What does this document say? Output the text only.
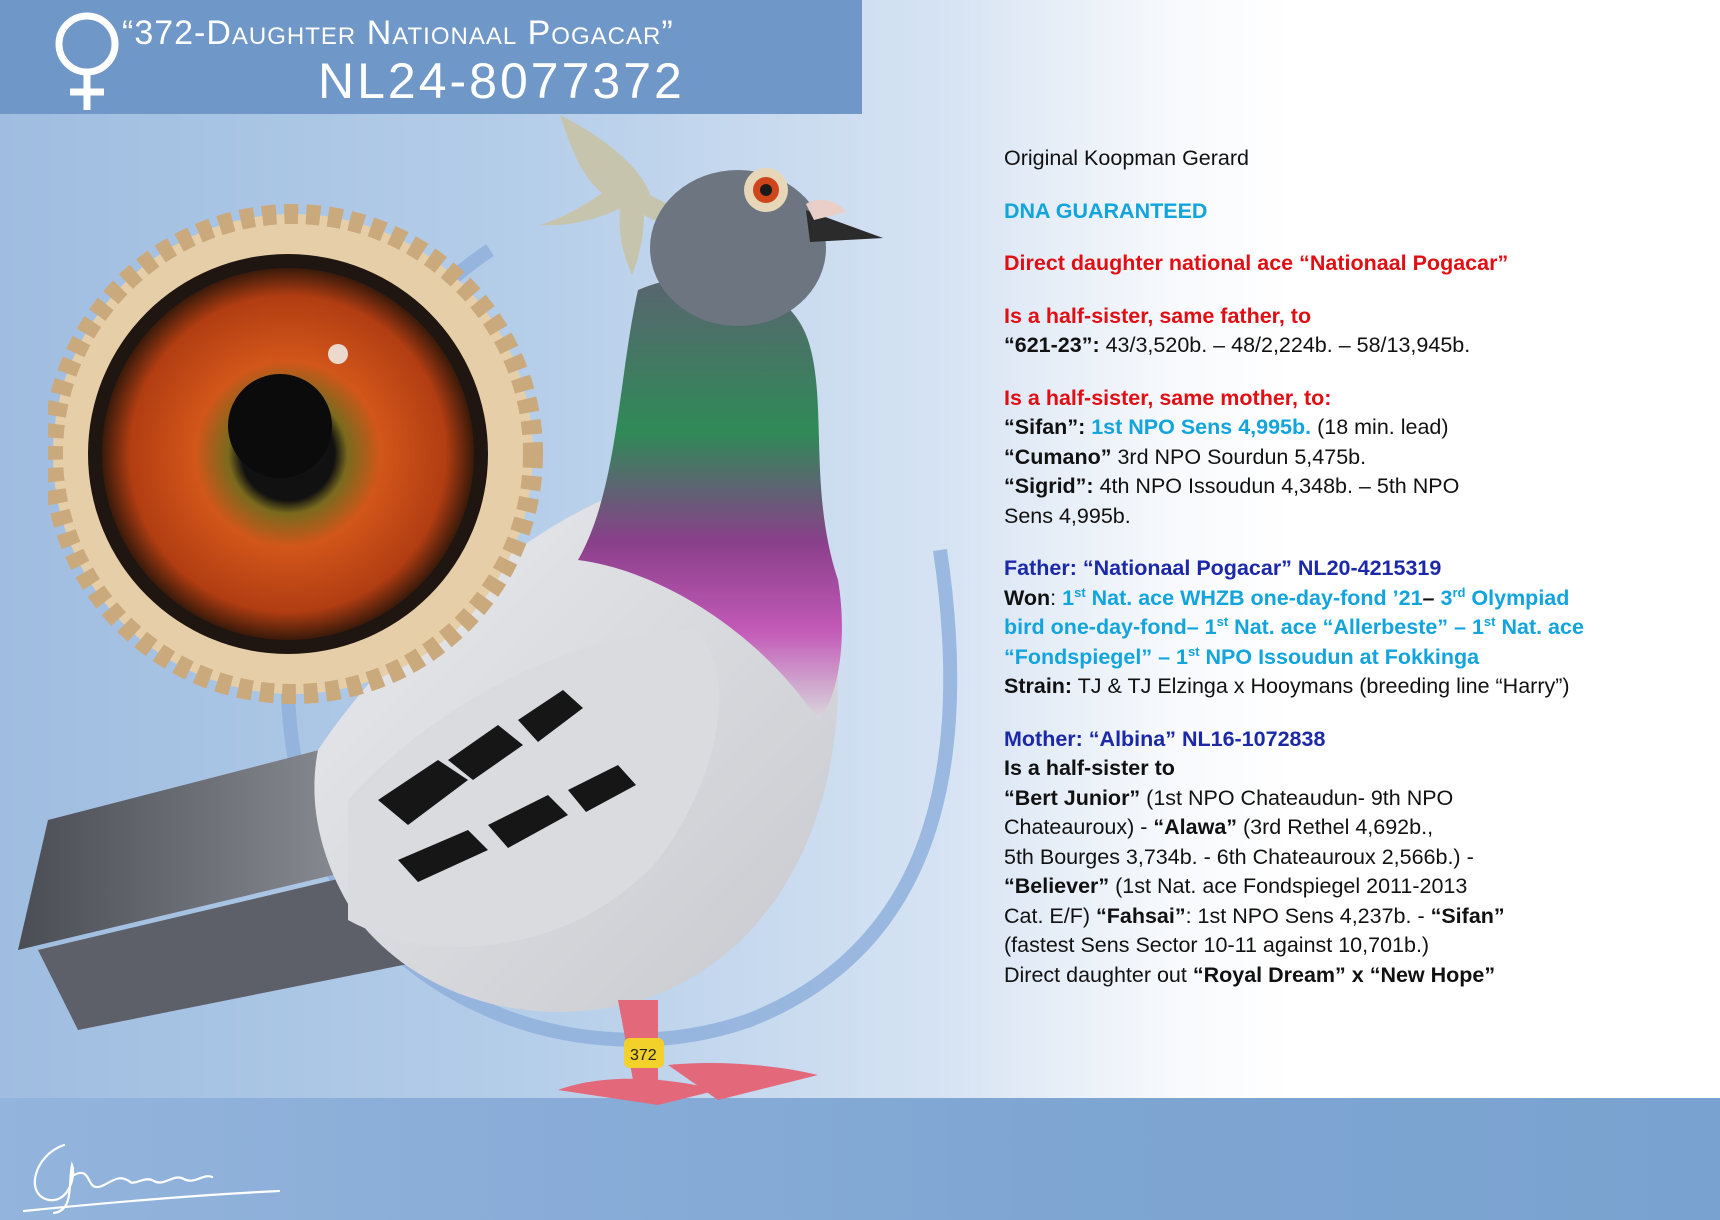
372
“372-Daughter Nationaal Pogacar”
NL24-8077372

Original Koopman Gerard

DNA GUARANTEED

Direct daughter national ace “Nationaal Pogacar”

Is a half-sister, same father, to
“621-23”: 43/3,520b. – 48/2,224b. – 58/13,945b.

Is a half-sister, same mother, to:
“Sifan”: 1st NPO Sens 4,995b. (18 min. lead)
“Cumano” 3rd NPO Sourdun 5,475b.
“Sigrid”: 4th NPO Issoudun 4,348b. – 5th NPO
Sens 4,995b.

Father: “Nationaal Pogacar” NL20-4215319
Won: 1st Nat. ace WHZB one-day-fond ’21– 3rd Olympiad
bird one-day-fond– 1st Nat. ace “Allerbeste” – 1st Nat. ace
“Fondspiegel” – 1st NPO Issoudun at Fokkinga
Strain: TJ & TJ Elzinga x Hooymans (breeding line “Harry”)

Mother: “Albina” NL16-1072838
Is a half-sister to
“Bert Junior” (1st NPO Chateaudun- 9th NPO
Chateauroux) - “Alawa” (3rd Rethel 4,692b.,
5th Bourges 3,734b. - 6th Chateauroux 2,566b.) -
“Believer” (1st Nat. ace Fondspiegel 2011-2013
Cat. E/F) “Fahsai”: 1st NPO Sens 4,237b. - “Sifan”
(fastest Sens Sector 10-11 against 10,701b.)
Direct daughter out “Royal Dream” x “New Hope”
